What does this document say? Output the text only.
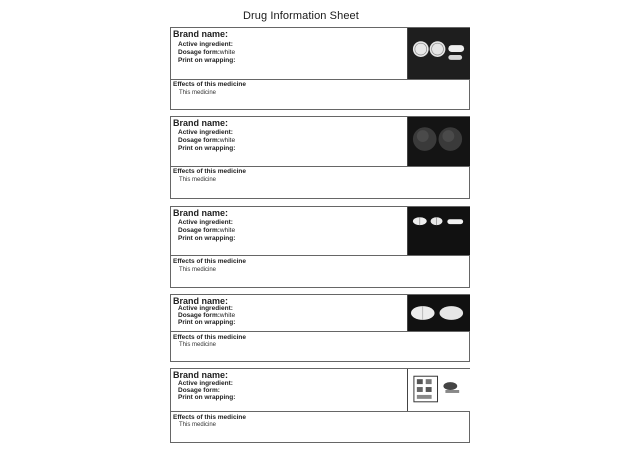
Drug Information Sheet
Brand name:
Active ingredient:
Dosage form:white
Print on wrapping:
Effects of this medicine
This medicine
Brand name:
Active ingredient:
Dosage form:white
Print on wrapping:
Effects of this medicine
This medicine
Brand name:
Active ingredient:
Dosage form:white
Print on wrapping:
Effects of this medicine
This medicine
Brand name:
Active ingredient:
Dosage form:white
Print on wrapping:
Effects of this medicine
This medicine
Brand name:
Active ingredient:
Dosage form:
Print on wrapping:
Effects of this medicine
This medicine
